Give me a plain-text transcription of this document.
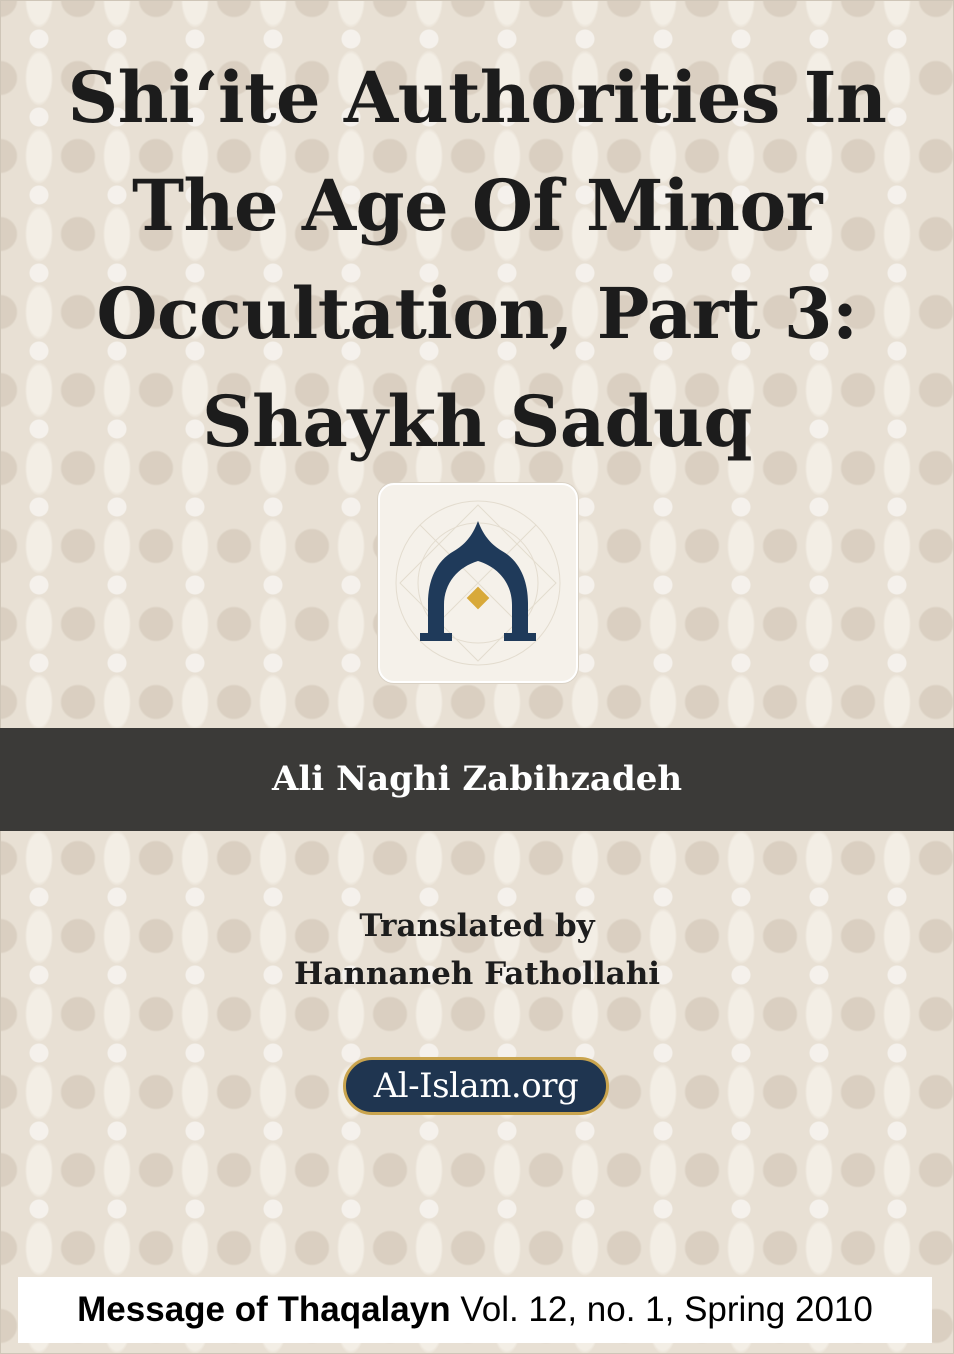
Shi‘ite Authorities In
The Age Of Minor
Occultation, Part 3:
Shaykh Saduq
Ali Naghi Zabihzadeh
Translated by
Hannaneh Fathollahi
Al-Islam.org
Message of Thaqalayn Vol. 12, no. 1, Spring 2010
